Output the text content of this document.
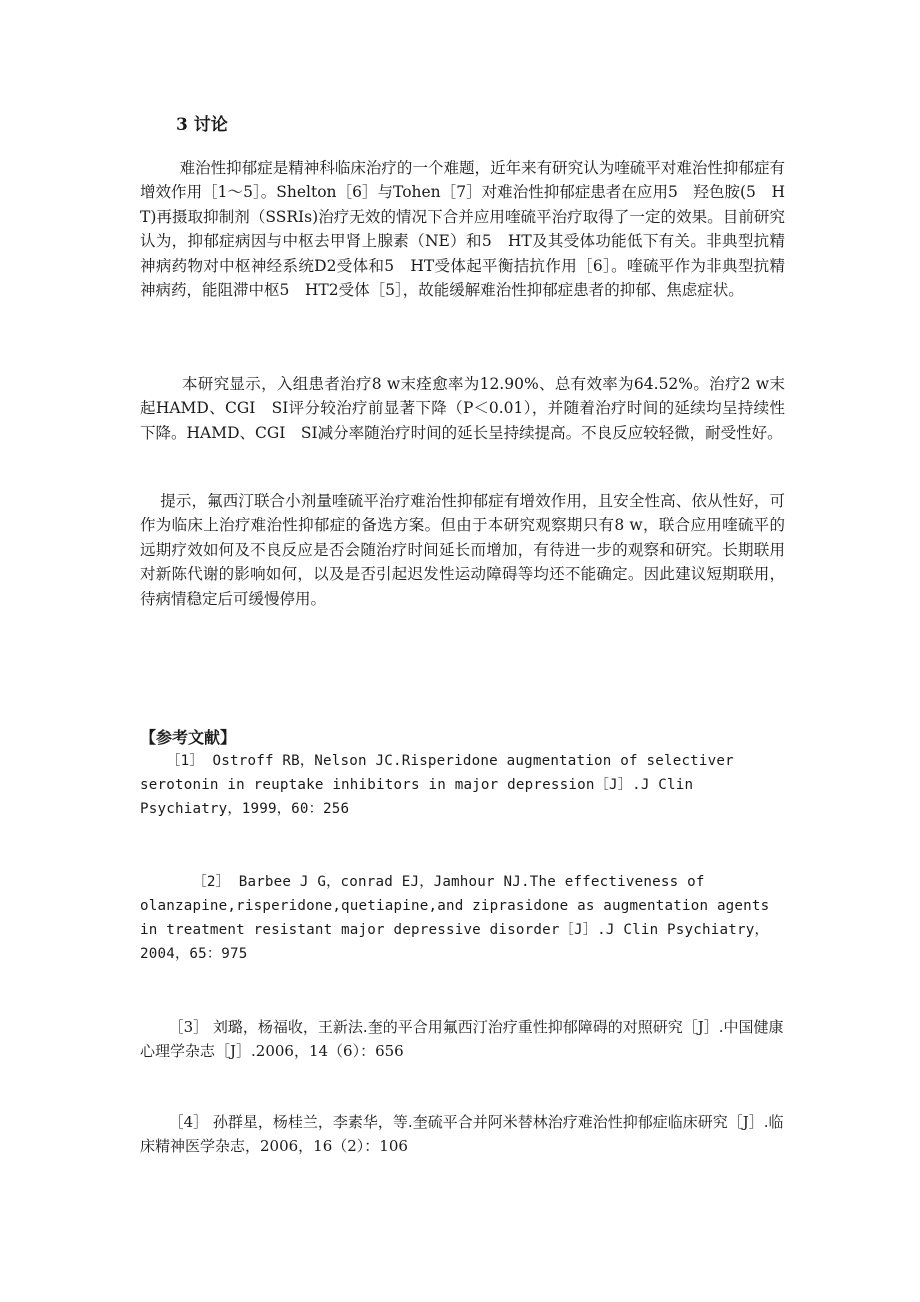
3 讨论

难治性抑郁症是精神科临床治疗的一个难题，近年来有研究认为喹硫平对难治性抑郁症有增效作用［1～5］。Shelton［6］与Tohen［7］对难治性抑郁症患者在应用5　羟色胺(5　HT)再摄取抑制剂（SSRIs)治疗无效的情况下合并应用喹硫平治疗取得了一定的效果。目前研究认为，抑郁症病因与中枢去甲肾上腺素（NE）和5　HT及其受体功能低下有关。非典型抗精神病药物对中枢神经系统D2受体和5　HT受体起平衡拮抗作用［6］。喹硫平作为非典型抗精神病药，能阻滞中枢5　HT2受体［5］，故能缓解难治性抑郁症患者的抑郁、焦虑症状。

本研究显示，入组患者治疗8 w末痊愈率为12.90%、总有效率为64.52%。治疗2 w末起HAMD、CGI　SI评分较治疗前显著下降（P＜0.01），并随着治疗时间的延续均呈持续性下降。HAMD、CGI　SI减分率随治疗时间的延长呈持续提高。不良反应较轻微，耐受性好。

提示，氟西汀联合小剂量喹硫平治疗难治性抑郁症有增效作用，且安全性高、依从性好，可作为临床上治疗难治性抑郁症的备选方案。但由于本研究观察期只有8 w，联合应用喹硫平的远期疗效如何及不良反应是否会随治疗时间延长而增加，有待进一步的观察和研究。长期联用对新陈代谢的影响如何，以及是否引起迟发性运动障碍等均还不能确定。因此建议短期联用，待病情稳定后可缓慢停用。

【参考文献】

［1］ Ostroff RB，Nelson JC.Risperidone augmentation of selectiver serotonin in reuptake inhibitors in major depression［J］.J Clin Psychiatry，1999，60：256

［2］ Barbee J G，conrad EJ，Jamhour NJ.The effectiveness of olanzapine,risperidone,quetiapine,and ziprasidone as augmentation agents in treatment resistant major depressive disorder［J］.J Clin Psychiatry，2004，65：975

［3］ 刘璐，杨福收，王新法.奎的平合用氟西汀治疗重性抑郁障碍的对照研究［J］.中国健康心理学杂志［J］.2006，14（6）：656

［4］ 孙群星，杨桂兰，李素华，等.奎硫平合并阿米替林治疗难治性抑郁症临床研究［J］.临床精神医学杂志，2006，16（2）：106
